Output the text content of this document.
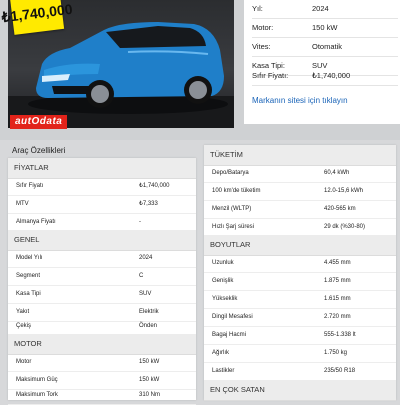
₺1,740,000
autOdata
Yıl:	2024
Motor:	150 kW
Vites:	Otomatik
Kasa Tipi:	SUV
Sıfır Fiyatı:	₺1,740,000
Markanın sitesi için tıklayın
Araç Özellikleri
FİYATLAR
Sıfır Fiyatı	₺1,740,000
MTV	₺7,333
Almanya Fiyatı	-
GENEL
Model Yılı	2024
Segment	C
Kasa Tipi	SUV
Yakıt	Elektrik
Çekiş	Önden
MOTOR
Motor	150 kW
Maksimum Güç	150 kW
Maksimum Tork	310 Nm
TÜKETİM
Depo/Batarya	60,4 kWh
100 km'de tüketim	12.0-15,6 kWh
Menzil (WLTP)	420-565 km
Hızlı Şarj süresi	29 dk (%30-80)
BOYUTLAR
Uzunluk	4.455 mm
Genişlik	1.875 mm
Yükseklik	1.615 mm
Dingil Mesafesi	2.720 mm
Bagaj Hacmi	555-1.338 lt
Ağırlık	1.750 kg
Lastikler	235/50 R18
EN ÇOK SATAN
